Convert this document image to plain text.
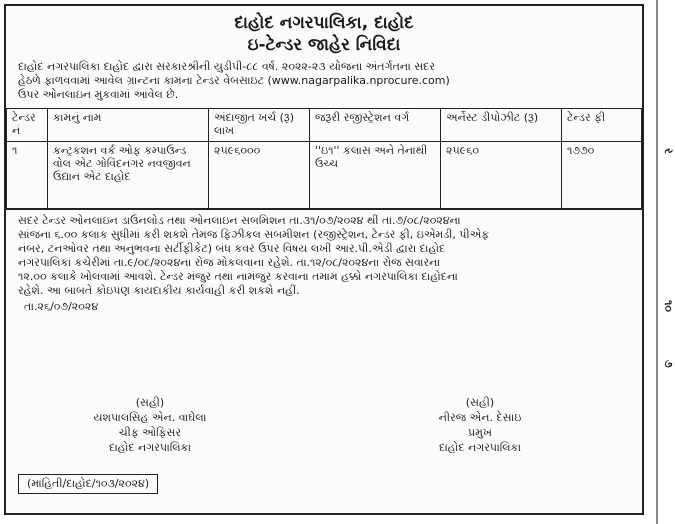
દાહોદ નગરપાલિકા, દાહોદ
ઇ-ટેન્ડર જાહેર નિવિદા
દાહોદ નગરપાલિકા દાહોદ દ્વારા સરકારશ્રીની યુડીપી-૮૮ વર્ષ. ૨૦૨૨-૨૩ યોજના અંતર્ગતના સદર
હેઠળે ફાળવવામાં આવેલ ગ્રાન્ટના કામના ટેન્ડર વેબસાઇટ (www.nagarpalika.nprocure.com)
ઉપર ઓનલાઇન મુકવામાં આવેલ છે.
ટેન્ડર નં	કામનું નામ	અંદાજીત ખર્ચ (રૂ) લાખ	જરૂરી રજીસ્ટ્રેશન વર્ગ	અર્નેસ્ટ ડીપોઝીટ (રૂ)	ટેન્ડર ફી
૧	કન્ટ્રકશન વર્ક ઓફ કમ્પાઉન્ડ વોલ એટ ગોવિંદનગર નવજીવન ઉદ્યાન એટ દાહોદ	૨૫૯૬૦૦૦	''ઇ૧'' કલાસ અને તેનાથી ઉચ્ચ	૨૫૯૬૦	૧૭૭૦
સદર ટેન્ડર ઓનલાઇન ડાઉનલોડ તથા ઓનલાઇન સબમિશન તા.૩૧/૦૭/૨૦૨૪ થી તા.૭/૦૮/૨૦૨૪ના
સાંજના ૬.૦૦ કલાક સુધીમાં કરી શકશે તેમજ ફિઝીકલ સબમીશન (રજીસ્ટ્રેશન, ટેન્ડર ફી, ઇએમડી, પીએફ
નંબર, ટનઓવર તથા અનુભવના સર્ટીફીકેટ) બંધ કવર ઉપર વિષય લખી આર.પી.એડી દ્વારા દાહોદ
નગરપાલિકા કચેરીમાં તા.૯/૦૮/૨૦૨૪ના રોજ મોકલવાના રહેશે. તા.૧૨/૦૮/૨૦૨૪ના રોજ સવારના
૧૨.૦૦ કલાકે ખોલવામાં આવશે. ટેન્ડર મંજુર તથા નામંજુર કરવાના તમામ હક્કો નગરપાલિકા દાહોદના
રહેશે. આ બાબતે કોઇપણ કાયદાકીય કાર્યવાહી કરી શકશે નહીં.
તા.૨૬/૦૭/૨૦૨૪
(સહી)
યશપાલસિહ એન. વાઘેલા
ચીફ ઓફિસર
દાહોદ નગરપાલિકા
(સહી)
નીરજ એન. દેસાઇ
પ્રમુખ
દાહોદ નગરપાલિકા
(માહિતી/દાહોદ/૧૦૩/૨૦૨૪)
ર
૧૦
૭
